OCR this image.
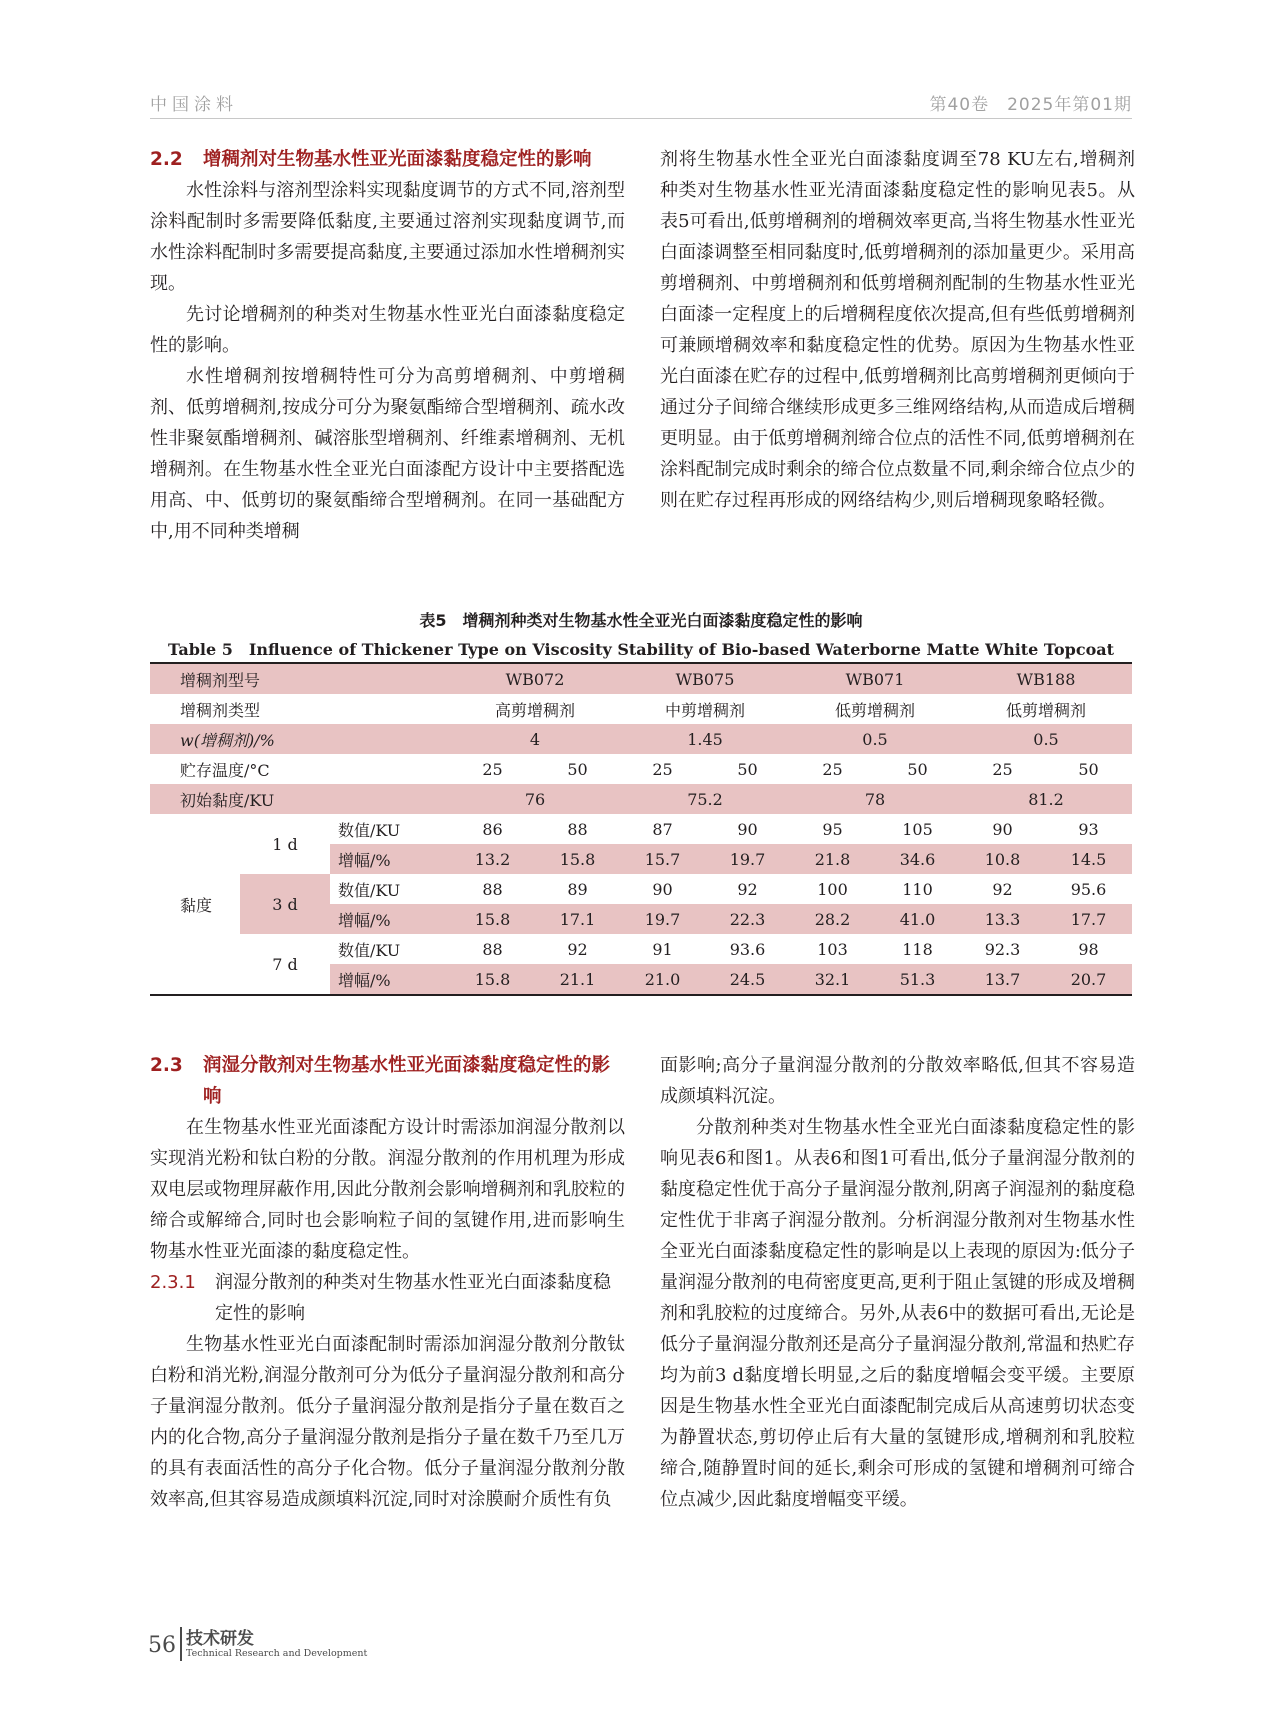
中国涂料	第40卷　2025年第01期
2.2 增稠剂对生物基水性亚光面漆黏度稳定性的影响

水性涂料与溶剂型涂料实现黏度调节的方式不同,溶剂型涂料配制时多需要降低黏度,主要通过溶剂实现黏度调节,而水性涂料配制时多需要提高黏度,主要通过添加水性增稠剂实现。

先讨论增稠剂的种类对生物基水性亚光白面漆黏度稳定性的影响。

水性增稠剂按增稠特性可分为高剪增稠剂、中剪增稠剂、低剪增稠剂,按成分可分为聚氨酯缔合型增稠剂、疏水改性非聚氨酯增稠剂、碱溶胀型增稠剂、纤维素增稠剂、无机增稠剂。在生物基水性全亚光白面漆配方设计中主要搭配选用高、中、低剪切的聚氨酯缔合型增稠剂。在同一基础配方中,用不同种类增稠

剂将生物基水性全亚光白面漆黏度调至78 KU左右,增稠剂种类对生物基水性亚光清面漆黏度稳定性的影响见表5。从表5可看出,低剪增稠剂的增稠效率更高,当将生物基水性亚光白面漆调整至相同黏度时,低剪增稠剂的添加量更少。采用高剪增稠剂、中剪增稠剂和低剪增稠剂配制的生物基水性亚光白面漆一定程度上的后增稠程度依次提高,但有些低剪增稠剂可兼顾增稠效率和黏度稳定性的优势。原因为生物基水性亚光白面漆在贮存的过程中,低剪增稠剂比高剪增稠剂更倾向于通过分子间缔合继续形成更多三维网络结构,从而造成后增稠更明显。由于低剪增稠剂缔合位点的活性不同,低剪增稠剂在涂料配制完成时剩余的缔合位点数量不同,剩余缔合位点少的则在贮存过程再形成的网络结构少,则后增稠现象略轻微。

表5　增稠剂种类对生物基水性全亚光白面漆黏度稳定性的影响
Table 5　Influence of Thickener Type on Viscosity Stability of Bio-based Waterborne Matte White Topcoat
增稠剂型号			WB072		WB075		WB071		WB188	
增稠剂类型			高剪增稠剂		中剪增稠剂		低剪增稠剂		低剪增稠剂	
w(增稠剂)/%			4		1.45		0.5		0.5	
贮存温度/°C			25	50	25	50	25	50	25	50
初始黏度/KU			76		75.2		78		81.2	
黏度	1 d	数值/KU	86	88	87	90	95	105	90	93
		增幅/%	13.2	15.8	15.7	19.7	21.8	34.6	10.8	14.5
	3 d	数值/KU	88	89	90	92	100	110	92	95.6
		增幅/%	15.8	17.1	19.7	22.3	28.2	41.0	13.3	17.7
	7 d	数值/KU	88	92	91	93.6	103	118	92.3	98
		增幅/%	15.8	21.1	21.0	24.5	32.1	51.3	13.7	20.7
2.3 润湿分散剂对生物基水性亚光面漆黏度稳定性的影响

在生物基水性亚光面漆配方设计时需添加润湿分散剂以实现消光粉和钛白粉的分散。润湿分散剂的作用机理为形成双电层或物理屏蔽作用,因此分散剂会影响增稠剂和乳胶粒的缔合或解缔合,同时也会影响粒子间的氢键作用,进而影响生物基水性亚光面漆的黏度稳定性。

2.3.1 润湿分散剂的种类对生物基水性亚光白面漆黏度稳定性的影响

生物基水性亚光白面漆配制时需添加润湿分散剂分散钛白粉和消光粉,润湿分散剂可分为低分子量润湿分散剂和高分子量润湿分散剂。低分子量润湿分散剂是指分子量在数百之内的化合物,高分子量润湿分散剂是指分子量在数千乃至几万的具有表面活性的高分子化合物。低分子量润湿分散剂分散效率高,但其容易造成颜填料沉淀,同时对涂膜耐介质性有负

面影响;高分子量润湿分散剂的分散效率略低,但其不容易造成颜填料沉淀。

分散剂种类对生物基水性全亚光白面漆黏度稳定性的影响见表6和图1。从表6和图1可看出,低分子量润湿分散剂的黏度稳定性优于高分子量润湿分散剂,阴离子润湿剂的黏度稳定性优于非离子润湿分散剂。分析润湿分散剂对生物基水性全亚光白面漆黏度稳定性的影响是以上表现的原因为:低分子量润湿分散剂的电荷密度更高,更利于阻止氢键的形成及增稠剂和乳胶粒的过度缔合。另外,从表6中的数据可看出,无论是低分子量润湿分散剂还是高分子量润湿分散剂,常温和热贮存均为前3 d黏度增长明显,之后的黏度增幅会变平缓。主要原因是生物基水性全亚光白面漆配制完成后从高速剪切状态变为静置状态,剪切停止后有大量的氢键形成,增稠剂和乳胶粒缔合,随静置时间的延长,剩余可形成的氢键和增稠剂可缔合位点减少,因此黏度增幅变平缓。

56 技术研发
Technical Research and Development
